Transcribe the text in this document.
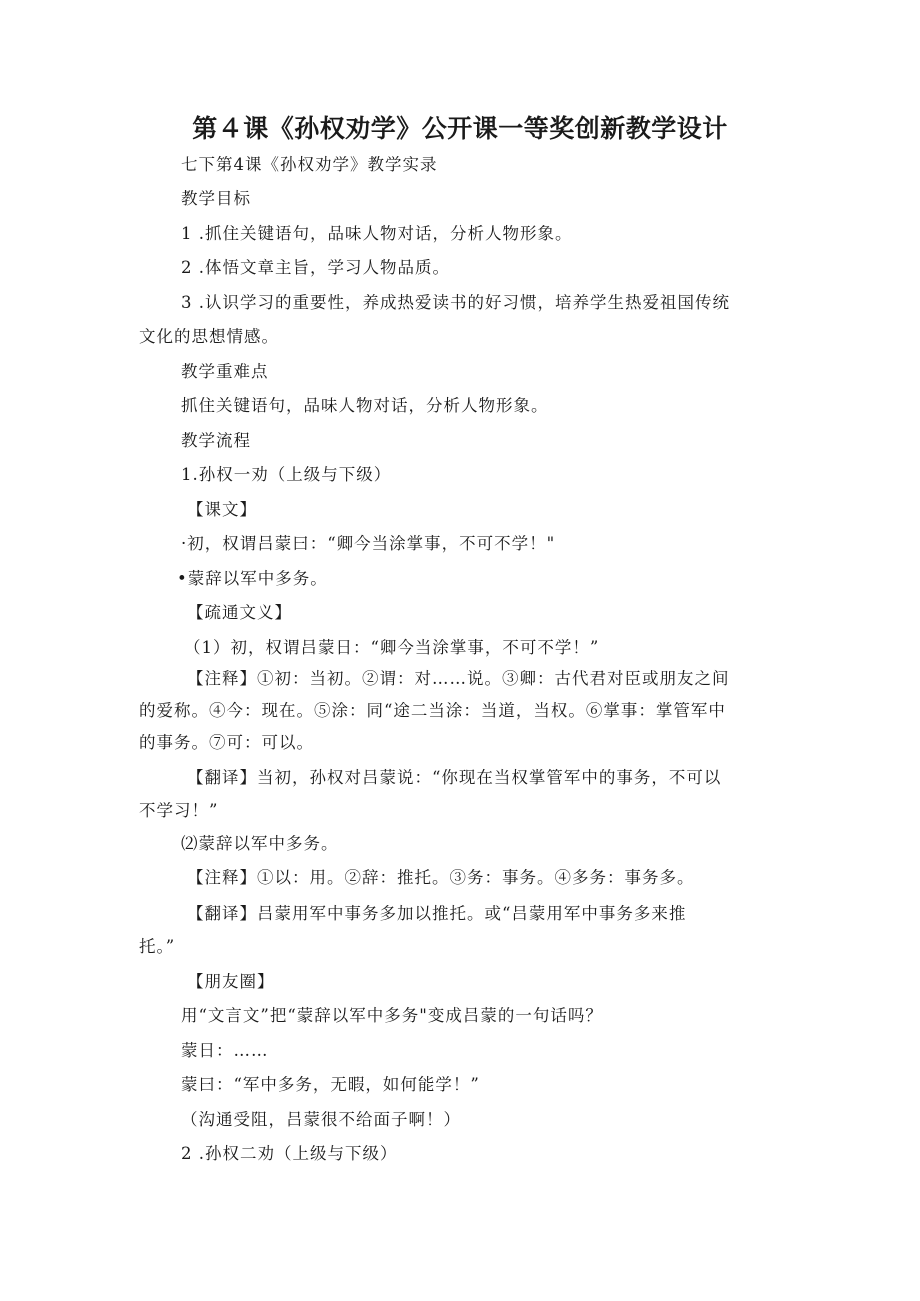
第４课《孙权劝学》公开课一等奖创新教学设计
七下第4课《孙权劝学》教学实录
教学目标
1 .抓住关键语句，品味人物对话，分析人物形象。
2 .体悟文章主旨，学习人物品质。
3 .认识学习的重要性，养成热爱读书的好习惯，培养学生热爱祖国传统
文化的思想情感。
教学重难点
抓住关键语句，品味人物对话，分析人物形象。
教学流程
1.孙权一劝（上级与下级）
【课文】
·初，权谓吕蒙曰：“卿今当涂掌事，不可不学！"
•蒙辞以军中多务。
【疏通文义】
（1）初，权谓吕蒙日：“卿今当涂掌事，不可不学！”
【注释】①初：当初。②谓：对……说。③卿：古代君对臣或朋友之间
的爱称。④今：现在。⑤涂：同“途二当涂：当道，当权。⑥掌事：掌管军中
的事务。⑦可：可以。
【翻译】当初，孙权对吕蒙说：“你现在当权掌管军中的事务，不可以
不学习！”
⑵蒙辞以军中多务。
【注释】①以：用。②辞：推托。③务：事务。④多务：事务多。
【翻译】吕蒙用军中事务多加以推托。或“吕蒙用军中事务多来推
托。”
【朋友圈】
用“文言文”把“蒙辞以军中多务"变成吕蒙的一句话吗？
蒙日：……
蒙曰：“军中多务，无暇，如何能学！”
（沟通受阻，吕蒙很不给面子啊！）
2 .孙权二劝（上级与下级）
